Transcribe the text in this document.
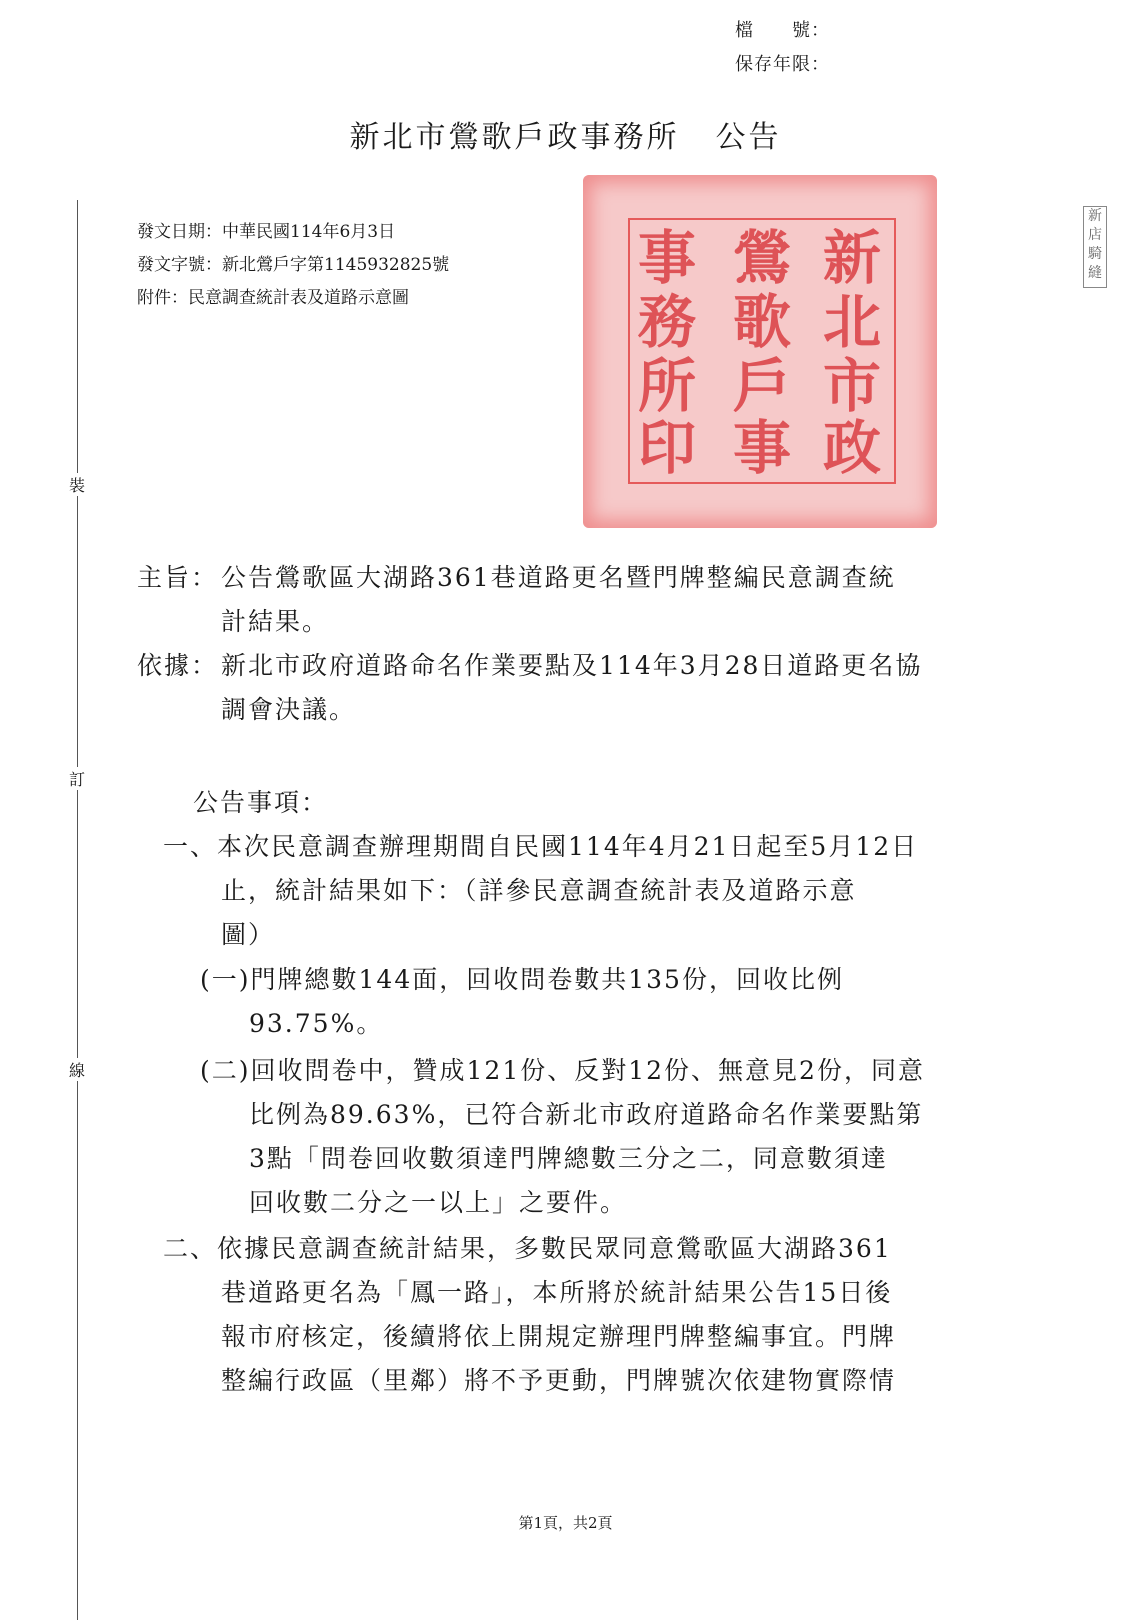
檔　　號：
保存年限：
新北市鶯歌戶政事務所 公告
裝
訂
線
發文日期：中華民國114年6月3日
發文字號：新北鶯戶字第1145932825號
附件：民意調查統計表及道路示意圖
新
北
市
政
鶯
歌
戶
事
事
務
所
印
新
店
騎
縫
主旨： 公告鶯歌區大湖路361巷道路更名暨門牌整編民意調查統
計結果。
依據： 新北市政府道路命名作業要點及114年3月28日道路更名協
調會決議。
公告事項：
一、本次民意調查辦理期間自民國114年4月21日起至5月12日
止，統計結果如下：（詳參民意調查統計表及道路示意
圖）
(一)門牌總數144面，回收問卷數共135份，回收比例
93.75%。
(二)回收問卷中，贊成121份、反對12份、無意見2份，同意
比例為89.63%，已符合新北市政府道路命名作業要點第
3點「問卷回收數須達門牌總數三分之二，同意數須達
回收數二分之一以上」之要件。
二、依據民意調查統計結果，多數民眾同意鶯歌區大湖路361
巷道路更名為「鳳一路」，本所將於統計結果公告15日後
報市府核定，後續將依上開規定辦理門牌整編事宜。門牌
整編行政區（里鄰）將不予更動，門牌號次依建物實際情
第1頁，共2頁
